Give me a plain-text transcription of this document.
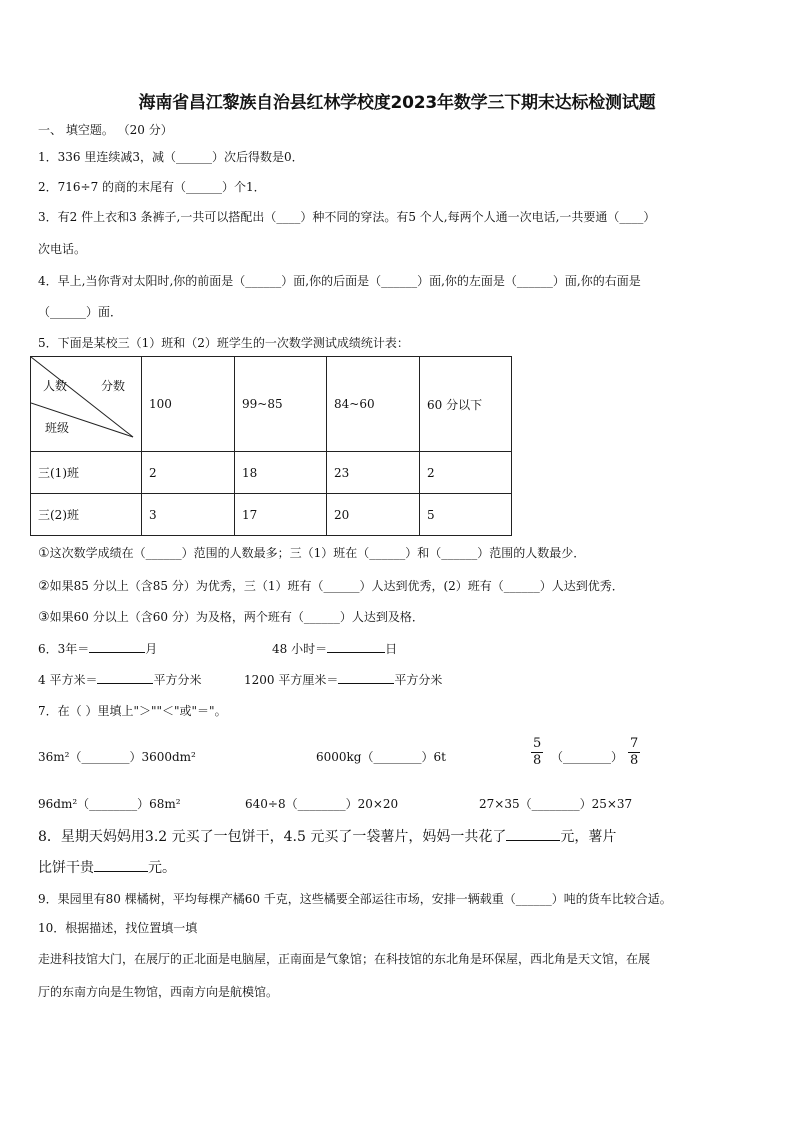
海南省昌江黎族自治县红林学校度2023年数学三下期末达标检测试题
一、 填空题。 （20 分）
1．336 里连续减3，减（______）次后得数是0．
2．716÷7 的商的末尾有（______）个1．
3．有2 件上衣和3 条裤子,一共可以搭配出（____）种不同的穿法。有5 个人,每两个人通一次电话,一共要通（____）
次电话。
4．早上,当你背对太阳时,你的前面是（______）面,你的后面是（______）面,你的左面是（______）面,你的右面是
（______）面．
5．下面是某校三（1）班和（2）班学生的一次数学测试成绩统计表：
人数 分数
班级	100	99~85	84~60	60 分以下
三(1)班	2	18	23	2
三(2)班	3	17	20	5
①这次数学成绩在（______）范围的人数最多；三（1）班在（______）和（______）范围的人数最少．
②如果85 分以上（含85 分）为优秀，三（1）班有（______）人达到优秀，(2）班有（______）人达到优秀．
③如果60 分以上（含60 分）为及格，两个班有（______）人达到及格．
6．3年＝	月	48 小时＝	日
4 平方米＝	平方分米	1200 平方厘米＝	平方分米
7．在（ ）里填上"＞""＜"或"＝"。
36m²（________）3600dm²	6000kg（________）6t	$\frac{5}{8}$ （________） $\frac{7}{8}$
96dm²（________）68m²	640÷8（________）20×20	27×35（________）25×37
8．星期天妈妈用3.2 元买了一包饼干，4.5 元买了一袋薯片，妈妈一共花了	元，薯片
比饼干贵	元。
9．果园里有80 棵橘树，平均每棵产橘60 千克，这些橘要全部运往市场，安排一辆载重（______）吨的货车比较合适。
10．根据描述，找位置填一填
走进科技馆大门，在展厅的正北面是电脑屋，正南面是气象馆；在科技馆的东北角是环保屋，西北角是天文馆，在展
厅的东南方向是生物馆，西南方向是航模馆。
